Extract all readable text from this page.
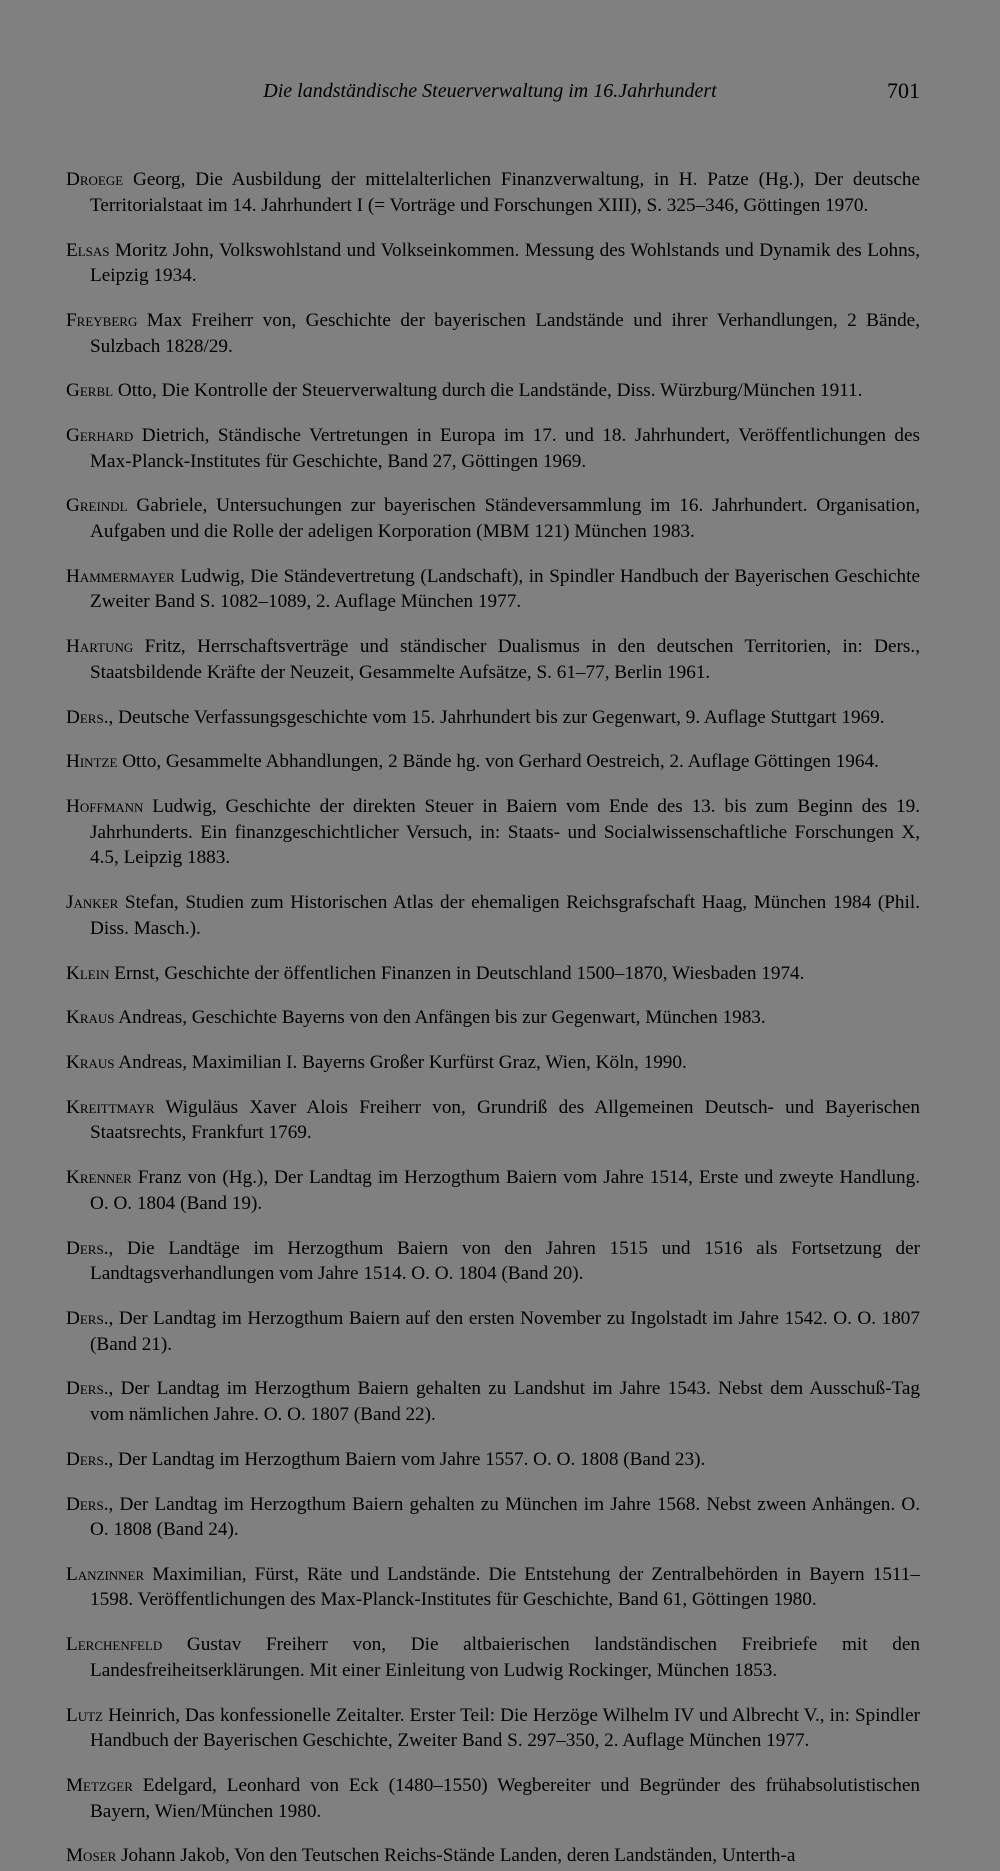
Die landständische Steuerverwaltung im 16.Jahrhundert	701

Droege Georg, Die Ausbildung der mittelalterlichen Finanzverwaltung, in H. Patze (Hg.), Der deutsche Territorialstaat im 14. Jahrhundert I (= Vorträge und Forschungen XIII), S. 325–346, Göttingen 1970.

Elsas Moritz John, Volkswohlstand und Volkseinkommen. Messung des Wohlstands und Dynamik des Lohns, Leipzig 1934.

Freyberg Max Freiherr von, Geschichte der bayerischen Landstände und ihrer Verhandlungen, 2 Bände, Sulzbach 1828/29.

Gerbl Otto, Die Kontrolle der Steuerverwaltung durch die Landstände, Diss. Würzburg/München 1911.

Gerhard Dietrich, Ständische Vertretungen in Europa im 17. und 18. Jahrhundert, Veröffentlichungen des Max-Planck-Institutes für Geschichte, Band 27, Göttingen 1969.

Greindl Gabriele, Untersuchungen zur bayerischen Ständeversammlung im 16. Jahrhundert. Organisation, Aufgaben und die Rolle der adeligen Korporation (MBM 121) München 1983.

Hammermayer Ludwig, Die Ständevertretung (Landschaft), in Spindler Handbuch der Bayerischen Geschichte Zweiter Band S. 1082–1089, 2. Auflage München 1977.

Hartung Fritz, Herrschaftsverträge und ständischer Dualismus in den deutschen Territorien, in: Ders., Staatsbildende Kräfte der Neuzeit, Gesammelte Aufsätze, S. 61–77, Berlin 1961.

Ders., Deutsche Verfassungsgeschichte vom 15. Jahrhundert bis zur Gegenwart, 9. Auflage Stuttgart 1969.

Hintze Otto, Gesammelte Abhandlungen, 2 Bände hg. von Gerhard Oestreich, 2. Auflage Göttingen 1964.

Hoffmann Ludwig, Geschichte der direkten Steuer in Baiern vom Ende des 13. bis zum Beginn des 19. Jahrhunderts. Ein finanzgeschichtlicher Versuch, in: Staats- und Socialwissenschaftliche Forschungen X, 4.5, Leipzig 1883.

Janker Stefan, Studien zum Historischen Atlas der ehemaligen Reichsgrafschaft Haag, München 1984 (Phil. Diss. Masch.).

Klein Ernst, Geschichte der öffentlichen Finanzen in Deutschland 1500–1870, Wiesbaden 1974.

Kraus Andreas, Geschichte Bayerns von den Anfängen bis zur Gegenwart, München 1983.

Kraus Andreas, Maximilian I. Bayerns Großer Kurfürst Graz, Wien, Köln, 1990.

Kreittmayr Wiguläus Xaver Alois Freiherr von, Grundriß des Allgemeinen Deutsch- und Bayerischen Staatsrechts, Frankfurt 1769.

Krenner Franz von (Hg.), Der Landtag im Herzogthum Baiern vom Jahre 1514, Erste und zweyte Handlung. O. O. 1804 (Band 19).

Ders., Die Landtäge im Herzogthum Baiern von den Jahren 1515 und 1516 als Fortsetzung der Landtagsverhandlungen vom Jahre 1514. O. O. 1804 (Band 20).

Ders., Der Landtag im Herzogthum Baiern auf den ersten November zu Ingolstadt im Jahre 1542. O. O. 1807 (Band 21).

Ders., Der Landtag im Herzogthum Baiern gehalten zu Landshut im Jahre 1543. Nebst dem Ausschuß-Tag vom nämlichen Jahre. O. O. 1807 (Band 22).

Ders., Der Landtag im Herzogthum Baiern vom Jahre 1557. O. O. 1808 (Band 23).

Ders., Der Landtag im Herzogthum Baiern gehalten zu München im Jahre 1568. Nebst zween Anhängen. O. O. 1808 (Band 24).

Lanzinner Maximilian, Fürst, Räte und Landstände. Die Entstehung der Zentralbehörden in Bayern 1511–1598. Veröffentlichungen des Max-Planck-Institutes für Geschichte, Band 61, Göttingen 1980.

Lerchenfeld Gustav Freiherr von, Die altbaierischen landständischen Freibriefe mit den Landesfreiheitserklärungen. Mit einer Einleitung von Ludwig Rockinger, München 1853.

Lutz Heinrich, Das konfessionelle Zeitalter. Erster Teil: Die Herzöge Wilhelm IV und Albrecht V., in: Spindler Handbuch der Bayerischen Geschichte, Zweiter Band S. 297–350, 2. Auflage München 1977.

Metzger Edelgard, Leonhard von Eck (1480–1550) Wegbereiter und Begründer des frühabsolutistischen Bayern, Wien/München 1980.

Moser Johann Jakob, Von den Teutschen Reichs-Stände Landen, deren Landständen, Unterth-a
